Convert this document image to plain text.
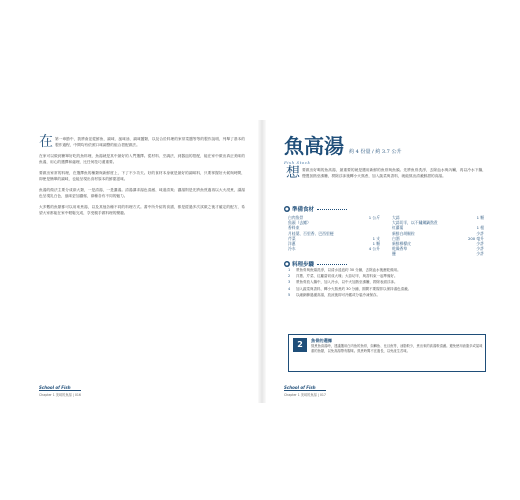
在 第一章節中，我將會並從鮮魚、調味、風味油、調味醬類，以及合於料理的家常菜醬等等的製作說明，列舉了基本的製作過程，中間均有依照口味調整的組合搭配做法。

在家可以做到簡單好吃的魚料理，魚湯就是其中最好的入門選擇。從材料、烹調法，到器皿的搭配，能在家中做出真正美味的魚湯，用心的選擇和處理，比任何技巧還重要。

要做出家常的料理，在選擇魚的種類與新鮮度上，下了不少功夫。好的食材本身就是最好的調味料，只要掌握好火候與時間，即使是簡單的調味，也能呈現出食材原本的鮮甜滋味。

魚湯的做法主要分成兩大類，一是清湯，一是濃湯。清湯講求湯色清澈、味道清爽；濃湯則是先將魚煎過再以大火滾煮，讓湯色呈現乳白色，風味更加濃郁，兩種各有不同的魅力。

大多數的魚類都可以用來煮湯，以及其他各種不同的料理方式。書中所介紹的食譜，都是經過多次試做之後才確定的配方，希望大家都能在家中輕鬆完成，享受親手做料理的樂趣。

School of Fish
Chapter 1 美味的魚湯 | 016
魚高湯 約 4 份量 / 約 3.7 公升
Fish Stock

想 要做出好喝的魚高湯，最重要的就是選用新鮮的魚骨與魚頭。先將魚骨洗淨，去除血水與內臟，再以冷水下鍋，慢慢加熱至沸騰，撈除浮沫後轉小火熬煮，加入蔬菜與香料，就能熬出清澈鮮甜的高湯。

● 準備食材
白肉魚骨	1 公斤
魚頭（去鰓）
香料束
月桂葉、百里香、巴西里梗
芹菜	1 支
洋蔥	1 顆
冷水	4 公升
大蒜	1 顆
大蒜切半，以不鏽鋼鍋熬煮
紅蘿蔔	1 根
新鮮白胡椒粒	少許
白酒	200 毫升
新鮮檸檬皮	少許
乾燥香草	少許
鹽	少許
● 料理步驟
1	將魚骨與魚頭洗淨，以清水浸泡約 30 分鐘，去除血水後瀝乾備用。
2	洋蔥、芹菜、紅蘿蔔切成大塊；大蒜切半，與香料束一起準備好。
3	將魚骨放入鍋中，加入冷水，以中火加熱至沸騰，撈除表面浮沫。
4	加入蔬菜與香料，轉小火熬煮約 30 分鐘，期間不要攪拌以保持湯色清澈。
5	以細網篩過濾高湯，放涼後即可冷藏或分裝冷凍保存。
2	魚骨的選擇
熬煮魚高湯時，建議選用白肉魚的魚骨，如鯛魚、比目魚等，油脂較少，煮出來的高湯較清澈。避免使用油脂多或氣味重的魚類，以免高湯帶有腥味。熬煮時間不宜過長，以免產生苦味。
School of Fish
Chapter 1 美味的魚湯 | 017
